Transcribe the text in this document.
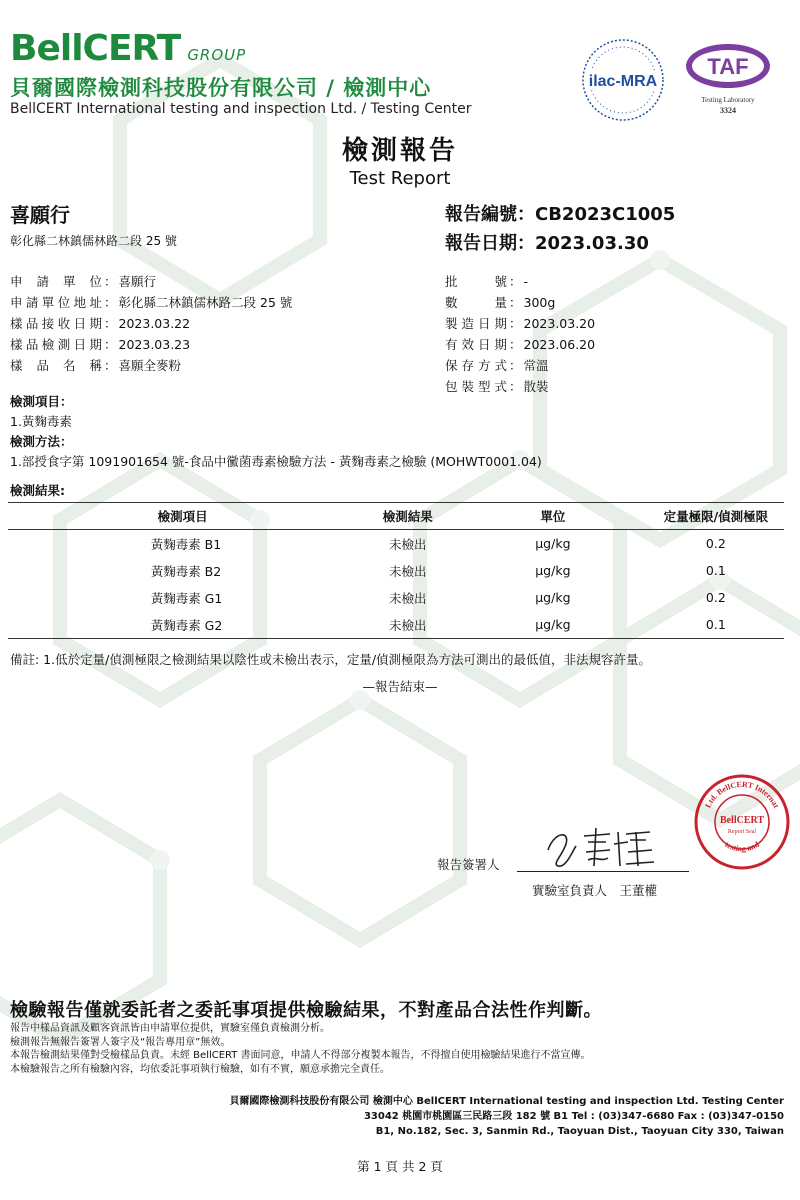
BellCERT GROUP
貝爾國際檢測科技股份有限公司 / 檢測中心
BellCERT International testing and inspection Ltd. / Testing Center
ilac-MRA
TAF
Testing Laboratory
3324
檢測報告
Test Report
喜願行
彰化縣二林鎮儒林路二段 25 號
報告編號：CB2023C1005
報告日期：2023.03.30
申請單位 ： 喜願行
申請單位地址 ： 彰化縣二林鎮儒林路二段 25 號
樣品接收日期 ： 2023.03.22
樣品檢測日期 ： 2023.03.23
樣品名稱 ： 喜願全麥粉
批號 ： -
數量 ： 300g
製造日期 ： 2023.03.20
有效日期 ： 2023.06.20
保存方式 ： 常溫
包裝型式 ： 散裝
檢測項目：
1.黃麴毒素
檢測方法：
1.部授食字第 1091901654 號-食品中黴菌毒素檢驗方法 - 黃麴毒素之檢驗 (MOHWT0001.04)
檢測結果:
檢測項目	檢測結果	單位	定量極限/偵測極限
黃麴毒素 B1	未檢出	μg/kg	0.2
黃麴毒素 B2	未檢出	μg/kg	0.1
黃麴毒素 G1	未檢出	μg/kg	0.2
黃麴毒素 G2	未檢出	μg/kg	0.1
備註: 1.低於定量/偵測極限之檢測結果以陰性或未檢出表示，定量/偵測極限為方法可測出的最低值，非法規容許量。
—報告結束—
Ltd. BellCERT Internat
testing and
BellCERT
Report Seal
報告簽署人
實驗室負責人　王董權
檢驗報告僅就委託者之委託事項提供檢驗結果，不對產品合法性作判斷。
報告中樣品資訊及顧客資訊皆由申請單位提供，實驗室僅負責檢測分析。
檢測報告無報告簽署人簽字及“報告專用章”無效。
本報告檢測結果僅對受檢樣品負責。未經 BellCERT 書面同意，申請人不得部分複製本報告，不得擅自使用檢驗結果進行不當宣傳。
本檢驗報告之所有檢驗內容，均依委託事項執行檢驗，如有不實，願意承擔完全責任。
貝爾國際檢測科技股份有限公司 檢測中心 BellCERT International testing and inspection Ltd. Testing Center
33042 桃園市桃園區三民路三段 182 號 B1 Tel : (03)347-6680 Fax : (03)347-0150
B1, No.182, Sec. 3, Sanmin Rd., Taoyuan Dist., Taoyuan City 330, Taiwan
第 1 頁 共 2 頁
